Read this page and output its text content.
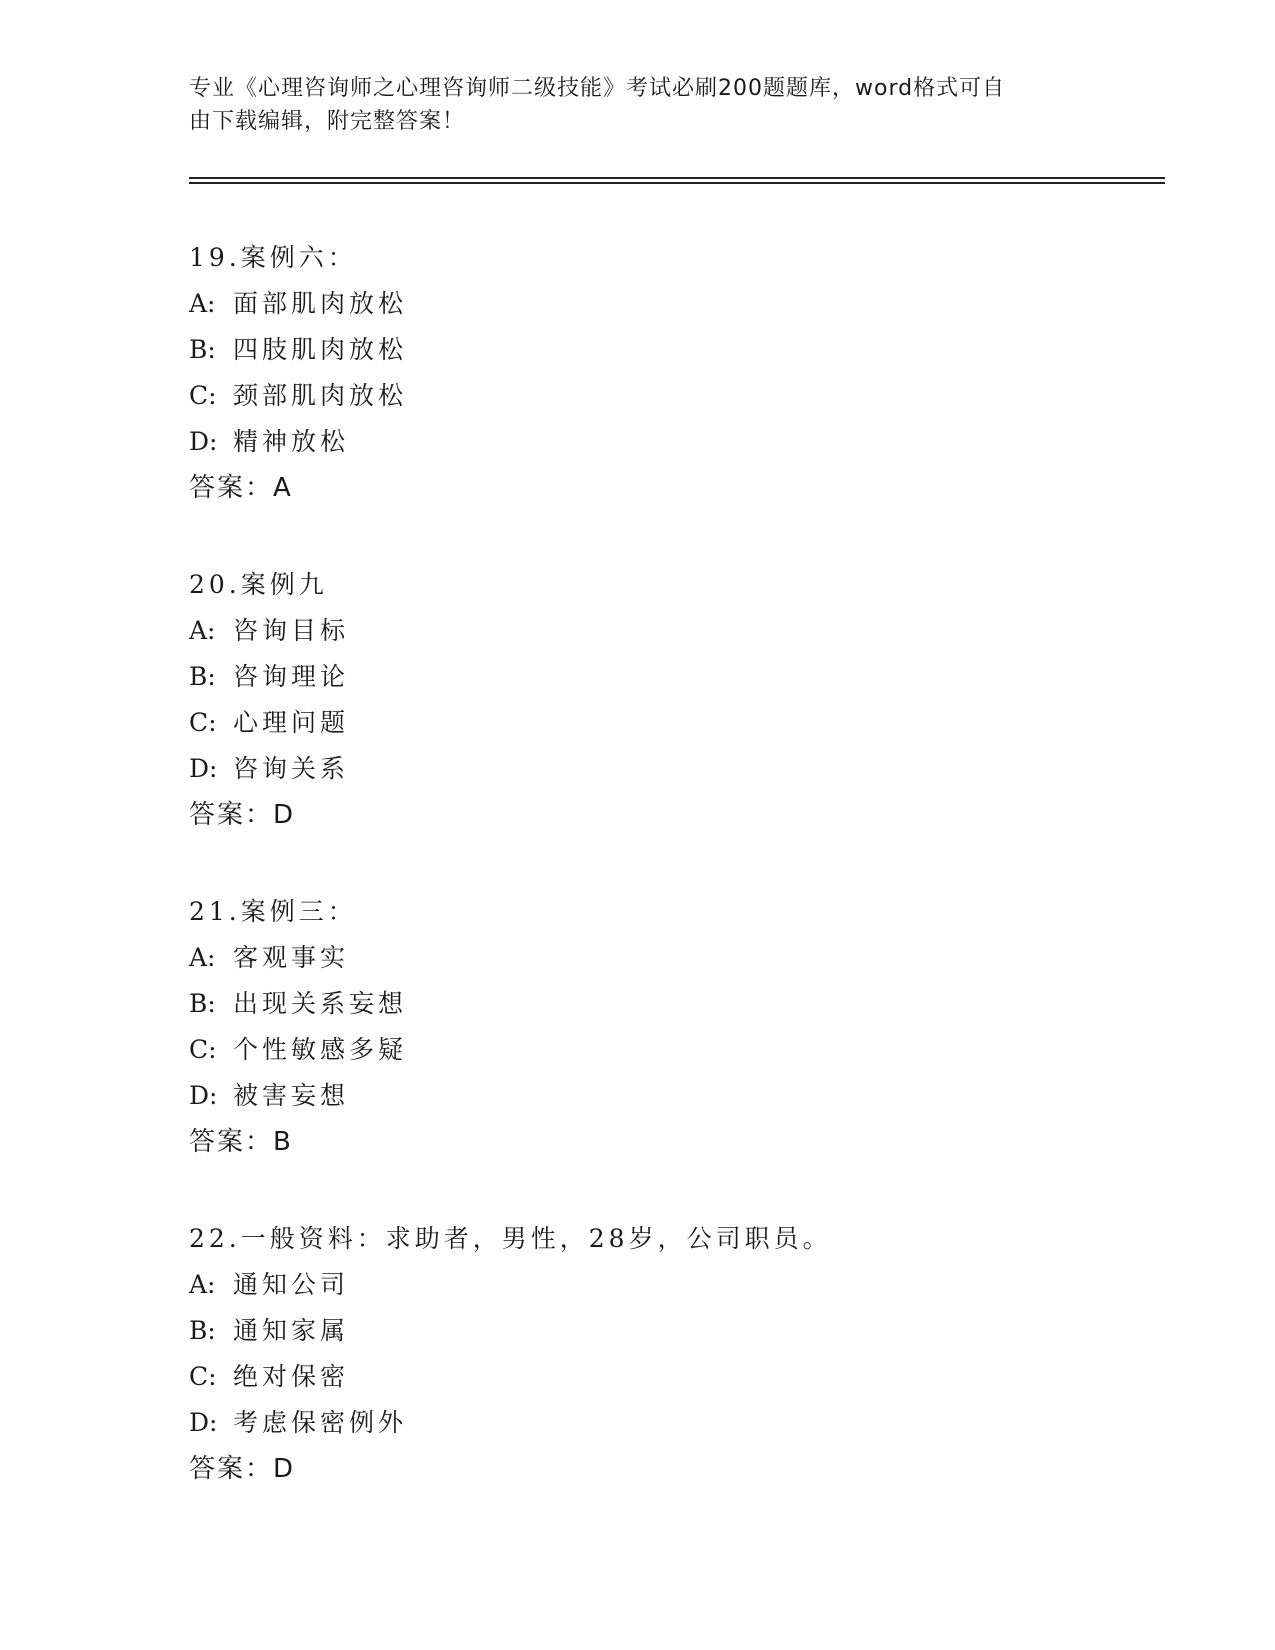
专业《心理咨询师之心理咨询师二级技能》考试必刷200题题库，word格式可自
由下载编辑，附完整答案！
19.案例六：
A: 面部肌肉放松
B: 四肢肌肉放松
C: 颈部肌肉放松
D: 精神放松
答案：A
20.案例九
A: 咨询目标
B: 咨询理论
C: 心理问题
D: 咨询关系
答案：D
21.案例三：
A: 客观事实
B: 出现关系妄想
C: 个性敏感多疑
D: 被害妄想
答案：B
22.一般资料：求助者，男性，28岁，公司职员。
A: 通知公司
B: 通知家属
C: 绝对保密
D: 考虑保密例外
答案：D
